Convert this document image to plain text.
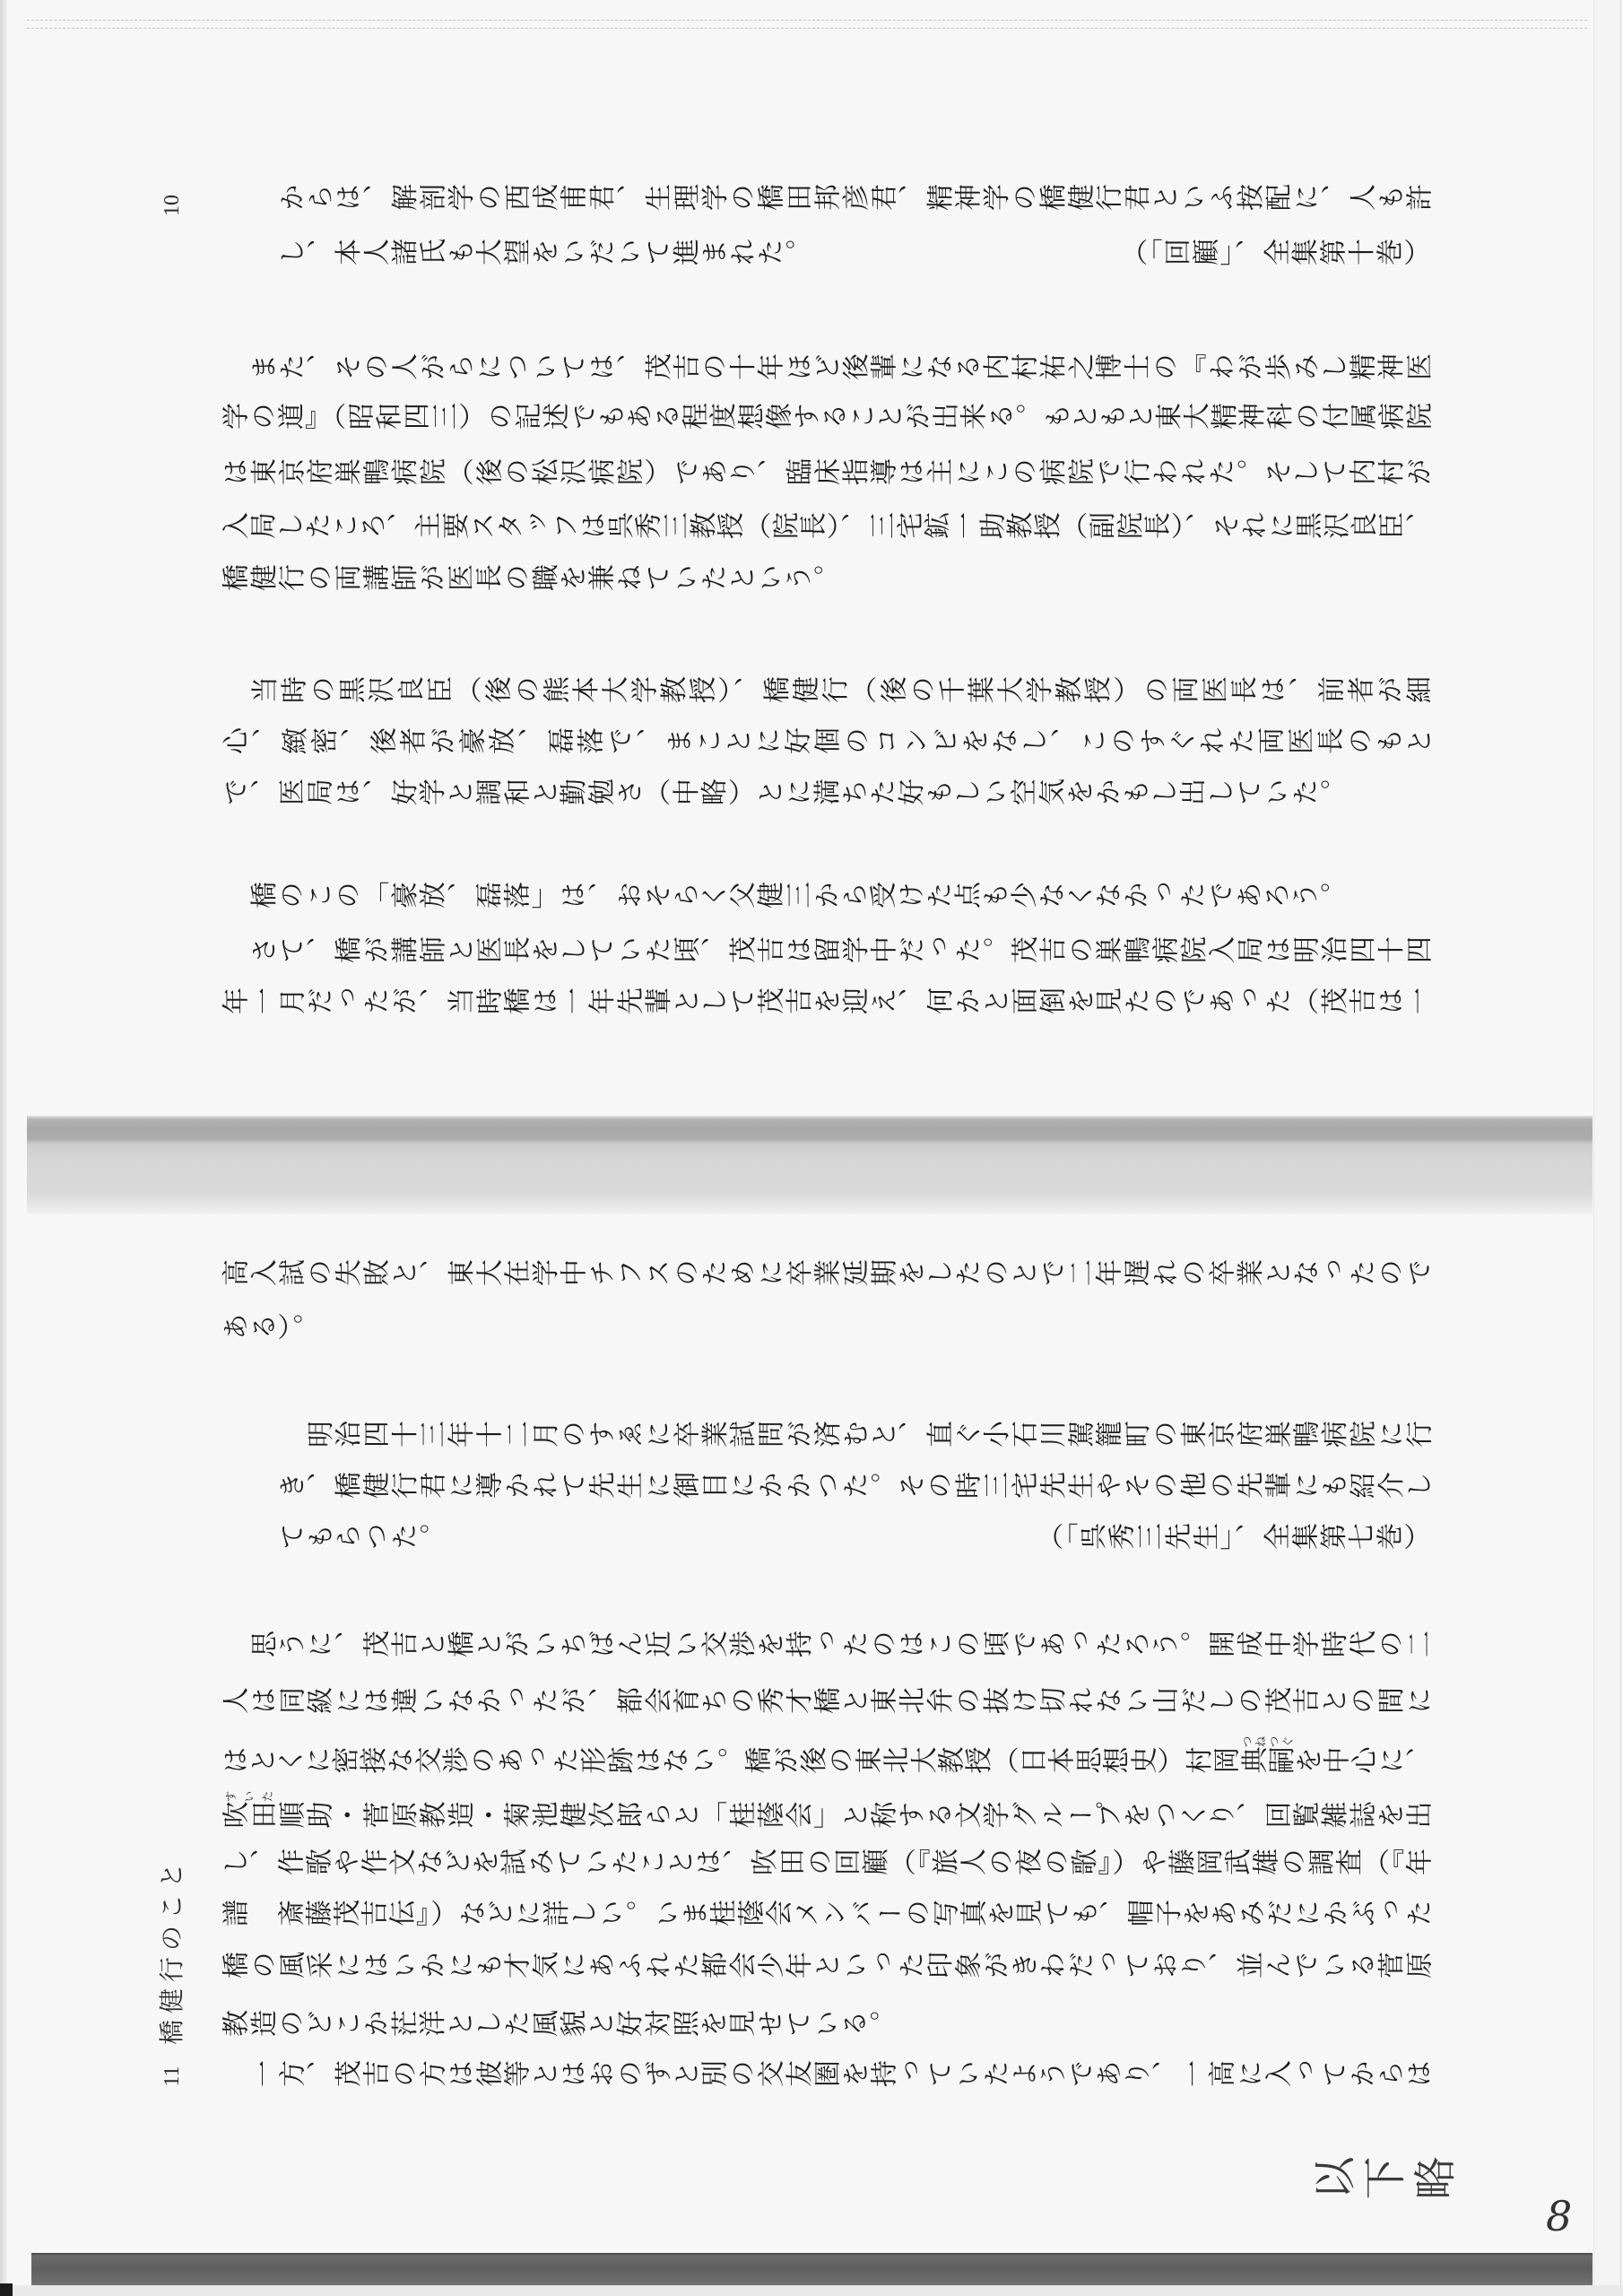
8
10	からは、解剖学の西成甫君、生理学の橋田邦彦君、精神学の橋健行君といふ按配に、人も許
し、本人諸氏も大望をいだいて進まれた。	（「回顧」、全集第十巻）
　また、その人がらについては、茂吉の十年ほど後輩になる内村祐之博士の『わが歩みし精神医
学の道』（昭和四三）の記述でもある程度想像することが出来る。もともと東大精神科の付属病院
は東京府巣鴨病院（後の松沢病院）であり、臨床指導は主にこの病院で行われた。そして内村が
入局したころ、主要スタッフは呉秀三教授（院長）、三宅鉱一助教授（副院長）、それに黒沢良臣、
橋健行の両講師が医長の職を兼ねていたという。
　当時の黒沢良臣（後の熊本大学教授）、橋健行（後の千葉大学教授）の両医長は、前者が細
心、緻密、後者が豪放、磊落で、まことに好個のコンビをなし、このすぐれた両医長のもと
で、医局は、好学と調和と勤勉さ（中略）とに満ちた好もしい空気をかもし出していた。
　橋のこの「豪放、磊落」は、おそらく父健三から受けた点も少なくなかったであろう。
　さて、橋が講師と医長をしていた頃、茂吉は留学中だった。茂吉の巣鴨病院入局は明治四十四
年一月だったが、当時橋は一年先輩として茂吉を迎え、何かと面倒を見たのであった（茂吉は一
11
橋健行のこと
高入試の失敗と、東大在学中チフスのために卒業延期をしたのとで二年遅れの卒業となったので
ある）。
　明治四十三年十二月のすゑに卒業試問が済むと、直ぐ小石川駕籠町の東京府巣鴨病院に行
き、橋健行君に導かれて先生に御目にかかつた。その時三宅先生やその他の先輩にも紹介し
てもらつた。	（「呉秀三先生」、全集第七巻）
　思うに、茂吉と橋とがいちばん近い交渉を持ったのはこの頃であったろう。開成中学時代の二
人は同級には違いなかったが、都会育ちの秀才橋と東北弁の抜け切れない山だしの茂吉との間に
はとくに密接な交渉のあった形跡はない。橋が後の東北大教授（日本思想史）村岡典嗣つねつぐを中心に、
吹田すいた順助・菅原教造・菊池健次郎らと「桂蔭会」と称する文学グループをつくり、回覧雑誌を出
し、作歌や作文などを試みていたことは、吹田の回顧（『旅人の夜の歌』）や藤岡武雄の調査（『年
譜　斎藤茂吉伝』）などに詳しい。いま桂蔭会メンバーの写真を見ても、帽子をあみだにかぶった
橋の風采にはいかにも才気にあふれた都会少年といった印象がきわだっており、並んでいる菅原
教造のどこか茫洋とした風貌と好対照を見せている。
　一方、茂吉の方は彼等とはおのずと別の交友圏を持っていたようであり、一高に入ってからは
以下略
